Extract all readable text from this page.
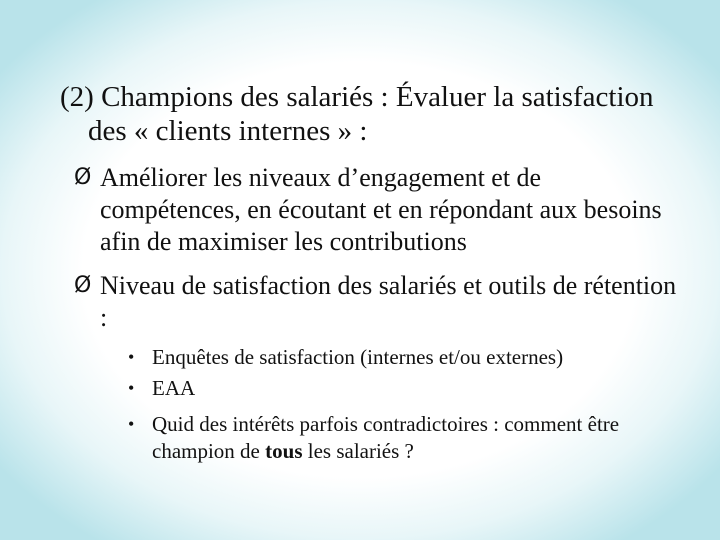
(2) Champions des salariés : Évaluer la satisfaction des « clients internes » :
Ø Améliorer les niveaux d’engagement et de compétences, en écoutant et en répondant aux besoins afin de maximiser les contributions
Ø Niveau de satisfaction des salariés et outils de rétention :
• Enquêtes de satisfaction (internes et/ou externes)
• EAA
• Quid des intérêts parfois contradictoires : comment être champion de tous les salariés ?
